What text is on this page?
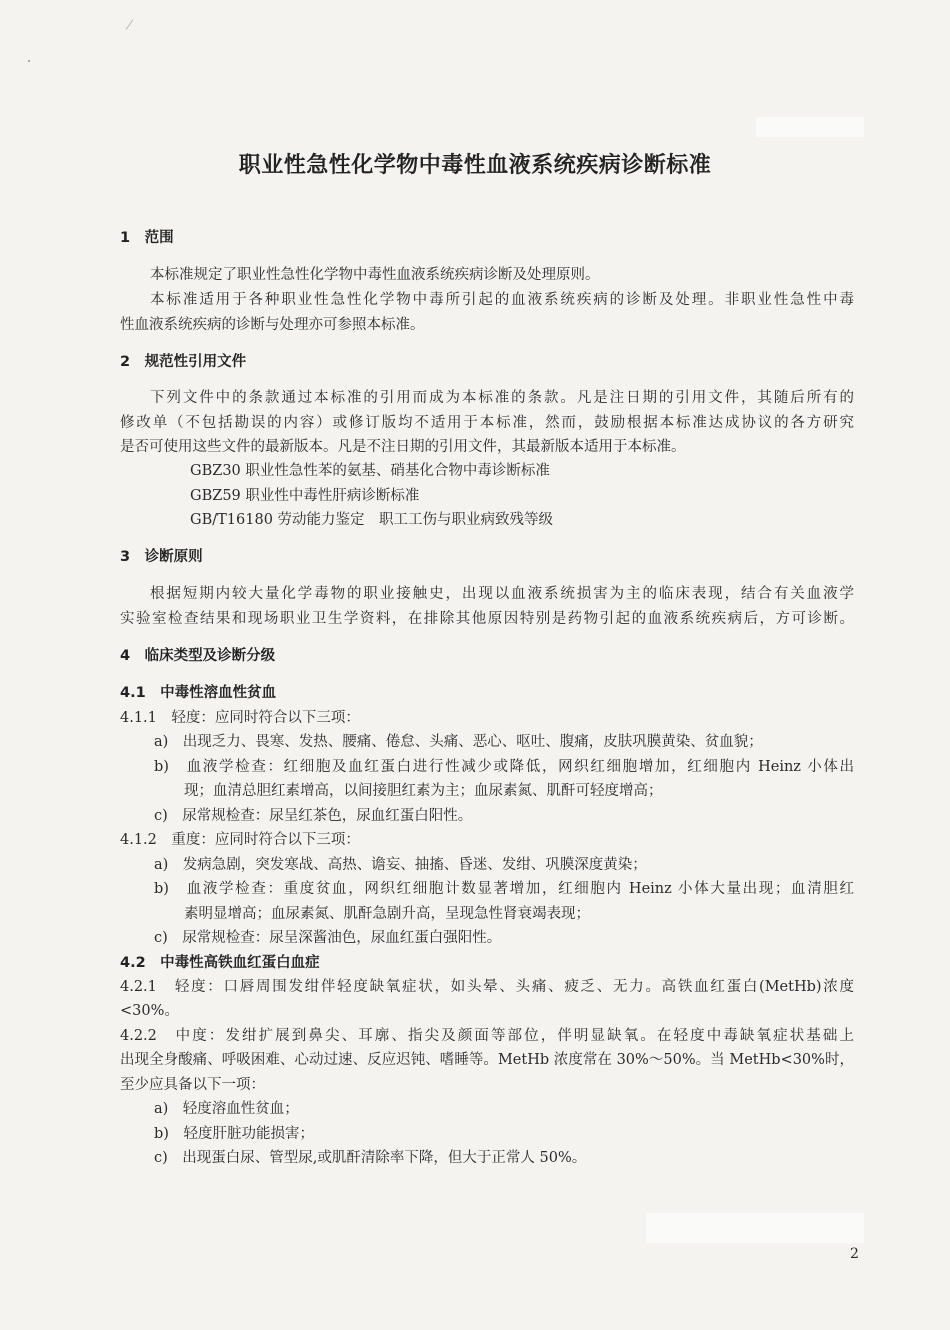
职业性急性化学物中毒性血液系统疾病诊断标准
1　范围
本标准规定了职业性急性化学物中毒性血液系统疾病诊断及处理原则。
本标准适用于各种职业性急性化学物中毒所引起的血液系统疾病的诊断及处理。非职业性急性中毒
性血液系统疾病的诊断与处理亦可参照本标准。
2　规范性引用文件
下列文件中的条款通过本标准的引用而成为本标准的条款。凡是注日期的引用文件，其随后所有的
修改单（不包括勘误的内容）或修订版均不适用于本标准，然而，鼓励根据本标准达成协议的各方研究
是否可使用这些文件的最新版本。凡是不注日期的引用文件，其最新版本适用于本标准。
GBZ30 职业性急性苯的氨基、硝基化合物中毒诊断标准
GBZ59 职业性中毒性肝病诊断标准
GB/T16180 劳动能力鉴定　职工工伤与职业病致残等级
3　诊断原则
根据短期内较大量化学毒物的职业接触史，出现以血液系统损害为主的临床表现，结合有关血液学
实验室检查结果和现场职业卫生学资料，在排除其他原因特别是药物引起的血液系统疾病后，方可诊断。
4　临床类型及诊断分级
4.1　中毒性溶血性贫血
4.1.1　轻度：应同时符合以下三项：
a)　出现乏力、畏寒、发热、腰痛、倦怠、头痛、恶心、呕吐、腹痛，皮肤巩膜黄染、贫血貌；
b)　血液学检查：红细胞及血红蛋白进行性减少或降低，网织红细胞增加，红细胞内 Heinz 小体出
现；血清总胆红素增高，以间接胆红素为主；血尿素氮、肌酐可轻度增高；
c)　尿常规检查：尿呈红茶色，尿血红蛋白阳性。
4.1.2　重度：应同时符合以下三项：
a)　发病急剧，突发寒战、高热、谵妄、抽搐、昏迷、发绀、巩膜深度黄染；
b)　血液学检查：重度贫血，网织红细胞计数显著增加，红细胞内 Heinz 小体大量出现；血清胆红
素明显增高；血尿素氮、肌酐急剧升高，呈现急性肾衰竭表现；
c)　尿常规检查：尿呈深酱油色，尿血红蛋白强阳性。
4.2　中毒性高铁血红蛋白血症
4.2.1　轻度：口唇周围发绀伴轻度缺氧症状，如头晕、头痛、疲乏、无力。高铁血红蛋白(MetHb)浓度
<30%。
4.2.2　中度：发绀扩展到鼻尖、耳廓、指尖及颜面等部位，伴明显缺氧。在轻度中毒缺氧症状基础上
出现全身酸痛、呼吸困难、心动过速、反应迟钝、嗜睡等。MetHb 浓度常在 30%～50%。当 MetHb<30%时，
至少应具备以下一项：
a)　轻度溶血性贫血；
b)　轻度肝脏功能损害；
c)　出现蛋白尿、管型尿,或肌酐清除率下降，但大于正常人 50%。
2
